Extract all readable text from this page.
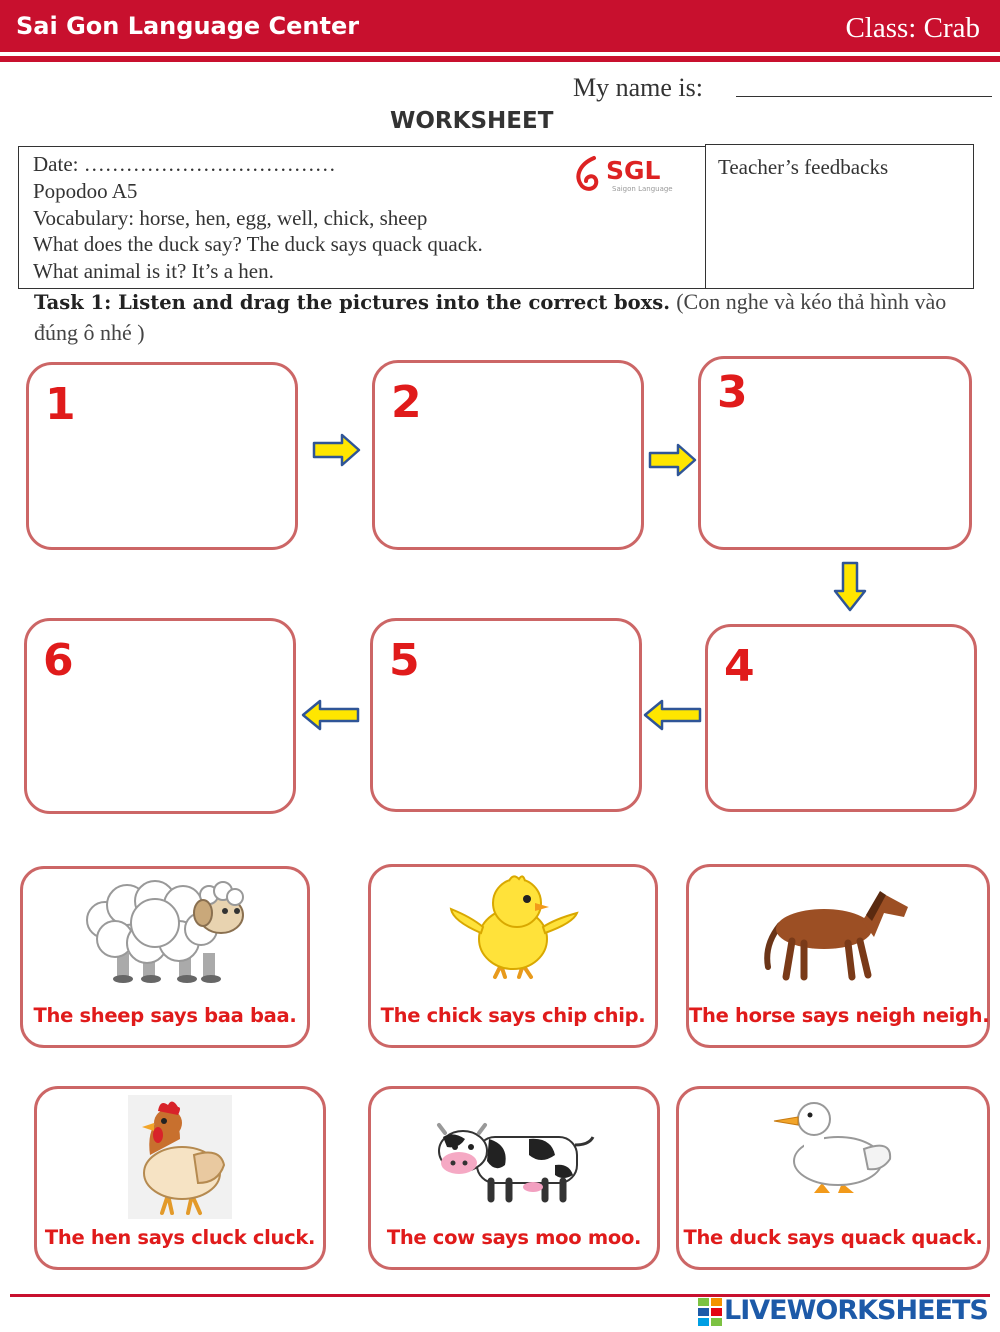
Sai Gon Language Center	Class: Crab
My name is:
WORKSHEET
Date: ………………………………
Popodoo A5
Vocabulary: horse, hen, egg, well, chick, sheep
What does the duck say? The duck says quack quack.
What animal is it? It’s a hen.
SGL
Saigon Language
Teacher’s feedbacks
Task 1: Listen and drag the pictures into the correct boxs. (Con nghe và kéo thả hình vào đúng ô nhé )
1	2	3
4
5
6
The sheep says baa baa.	The chick says chip chip.	The horse says neigh neigh.
The hen says cluck cluck.	The cow says moo moo.	The duck says quack quack.
LIVEWORKSHEETS
